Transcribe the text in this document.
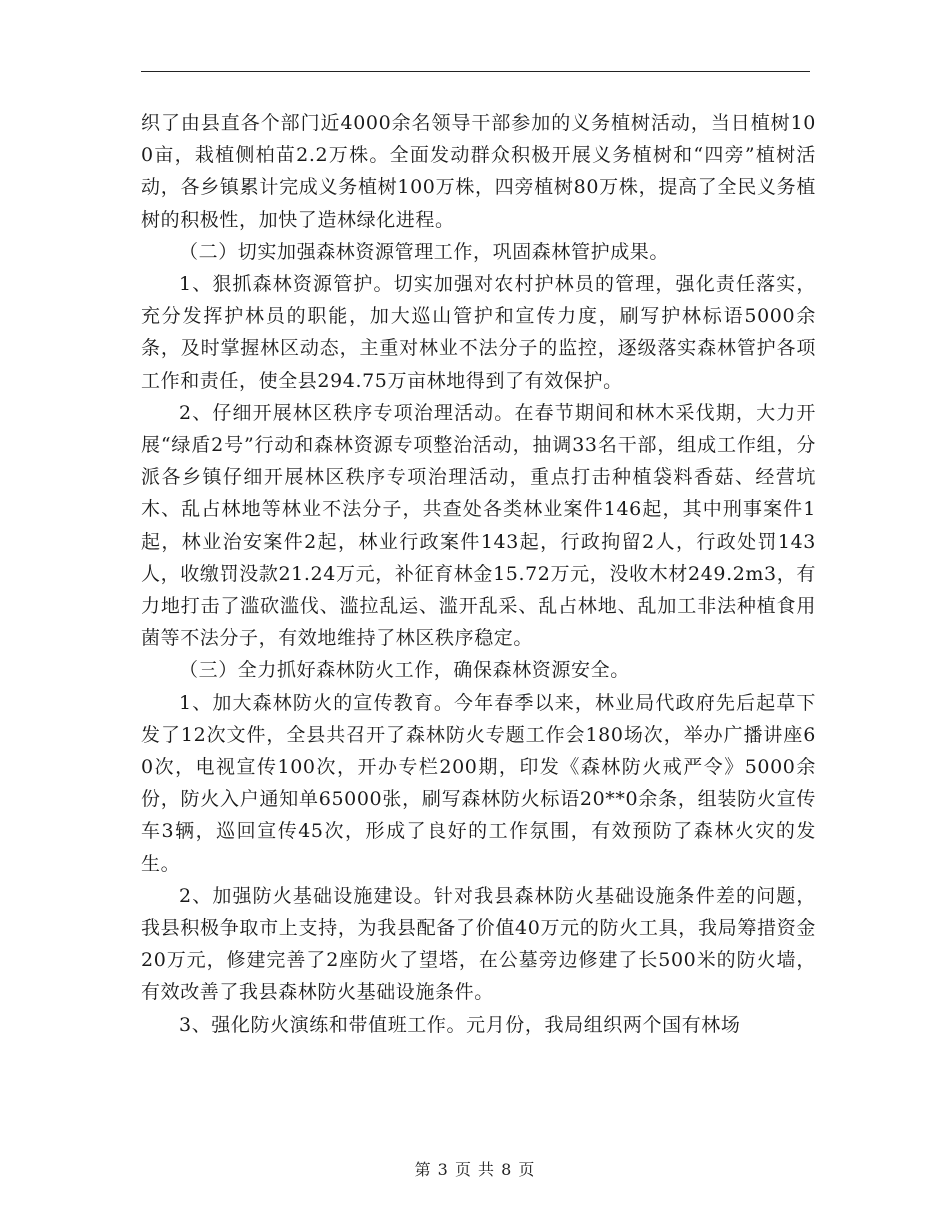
织了由县直各个部门近4000余名领导干部参加的义务植树活动，当日植树100亩，栽植侧柏苗2.2万株。全面发动群众积极开展义务植树和“四旁”植树活动，各乡镇累计完成义务植树100万株，四旁植树80万株，提高了全民义务植树的积极性，加快了造林绿化进程。

（二）切实加强森林资源管理工作，巩固森林管护成果。

1、狠抓森林资源管护。切实加强对农村护林员的管理，强化责任落实，充分发挥护林员的职能，加大巡山管护和宣传力度，刷写护林标语5000余条，及时掌握林区动态，主重对林业不法分子的监控，逐级落实森林管护各项工作和责任，使全县294.75万亩林地得到了有效保护。

2、仔细开展林区秩序专项治理活动。在春节期间和林木采伐期，大力开展“绿盾2号”行动和森林资源专项整治活动，抽调33名干部，组成工作组，分派各乡镇仔细开展林区秩序专项治理活动，重点打击种植袋料香菇、经营坑木、乱占林地等林业不法分子，共查处各类林业案件146起，其中刑事案件1起，林业治安案件2起，林业行政案件143起，行政拘留2人，行政处罚143人，收缴罚没款21.24万元，补征育林金15.72万元，没收木材249.2m3，有力地打击了滥砍滥伐、滥拉乱运、滥开乱采、乱占林地、乱加工非法种植食用菌等不法分子，有效地维持了林区秩序稳定。

（三）全力抓好森林防火工作，确保森林资源安全。

1、加大森林防火的宣传教育。今年春季以来，林业局代政府先后起草下发了12次文件，全县共召开了森林防火专题工作会180场次，举办广播讲座60次，电视宣传100次，开办专栏200期，印发《森林防火戒严令》5000余份，防火入户通知单65000张，刷写森林防火标语20**0余条，组装防火宣传车3辆，巡回宣传45次，形成了良好的工作氛围，有效预防了森林火灾的发生。

2、加强防火基础设施建设。针对我县森林防火基础设施条件差的问题，我县积极争取市上支持，为我县配备了价值40万元的防火工具，我局筹措资金20万元，修建完善了2座防火了望塔，在公墓旁边修建了长500米的防火墙，有效改善了我县森林防火基础设施条件。

3、强化防火演练和带值班工作。元月份，我局组织两个国有林场

第 3 页 共 8 页
